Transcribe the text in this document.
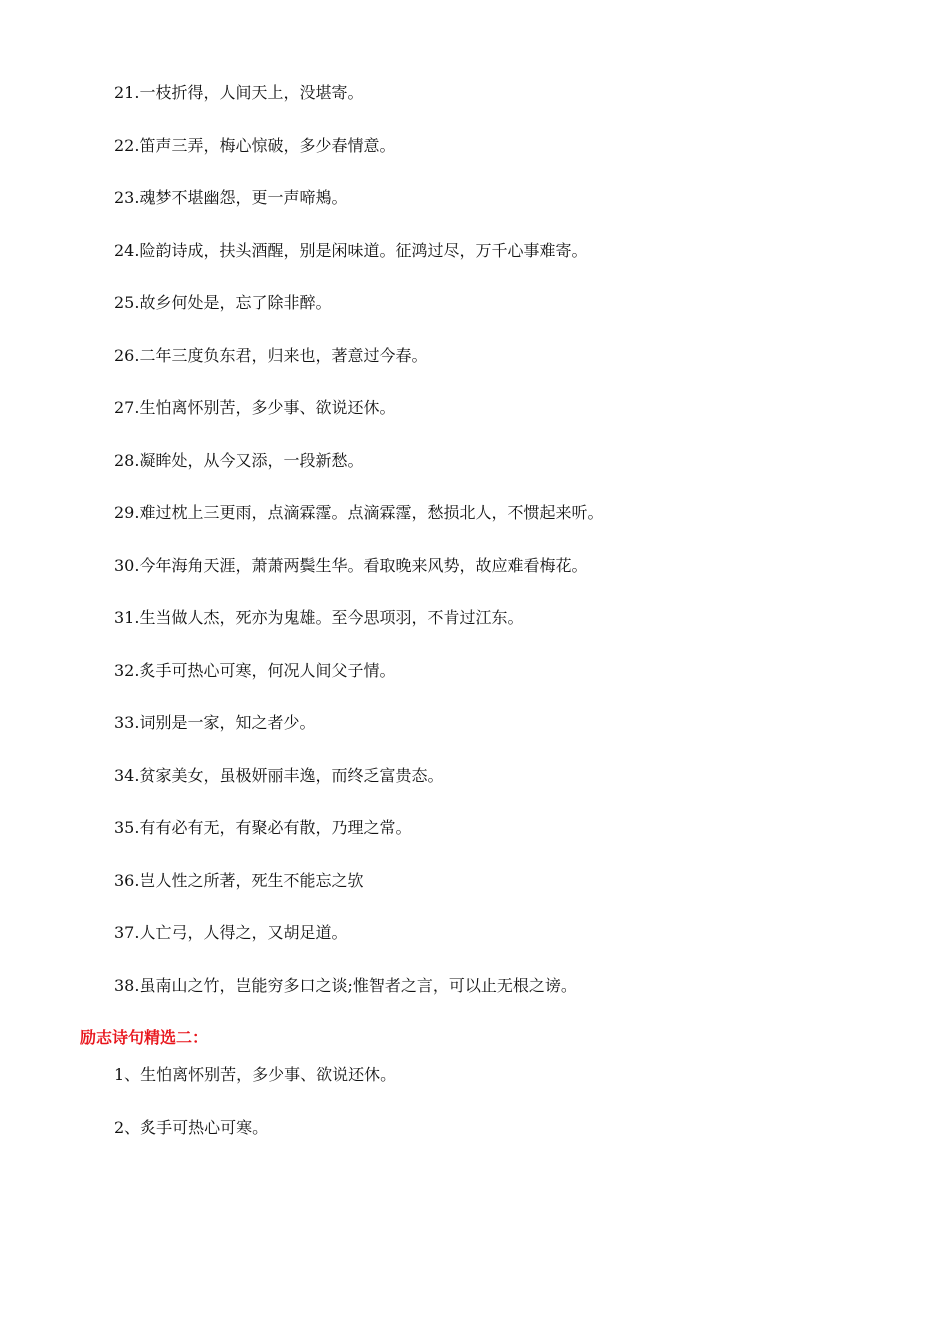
21.一枝折得，人间天上，没堪寄。
22.笛声三弄，梅心惊破，多少春情意。
23.魂梦不堪幽怨，更一声啼鴂。
24.险韵诗成，扶头酒醒，别是闲味道。征鸿过尽，万千心事难寄。
25.故乡何处是，忘了除非醉。
26.二年三度负东君，归来也，著意过今春。
27.生怕离怀别苦，多少事、欲说还休。
28.凝眸处，从今又添，一段新愁。
29.难过枕上三更雨，点滴霖霪。点滴霖霪，愁损北人，不惯起来听。
30.今年海角天涯，萧萧两鬓生华。看取晚来风势，故应难看梅花。
31.生当做人杰，死亦为鬼雄。至今思项羽，不肯过江东。
32.炙手可热心可寒，何况人间父子情。
33.词别是一家，知之者少。
34.贫家美女，虽极妍丽丰逸，而终乏富贵态。
35.有有必有无，有聚必有散，乃理之常。
36.岂人性之所著，死生不能忘之欤
37.人亡弓，人得之，又胡足道。
38.虽南山之竹，岂能穷多口之谈;惟智者之言，可以止无根之谤。
励志诗句精选二：
1、生怕离怀别苦，多少事、欲说还休。
2、炙手可热心可寒。
